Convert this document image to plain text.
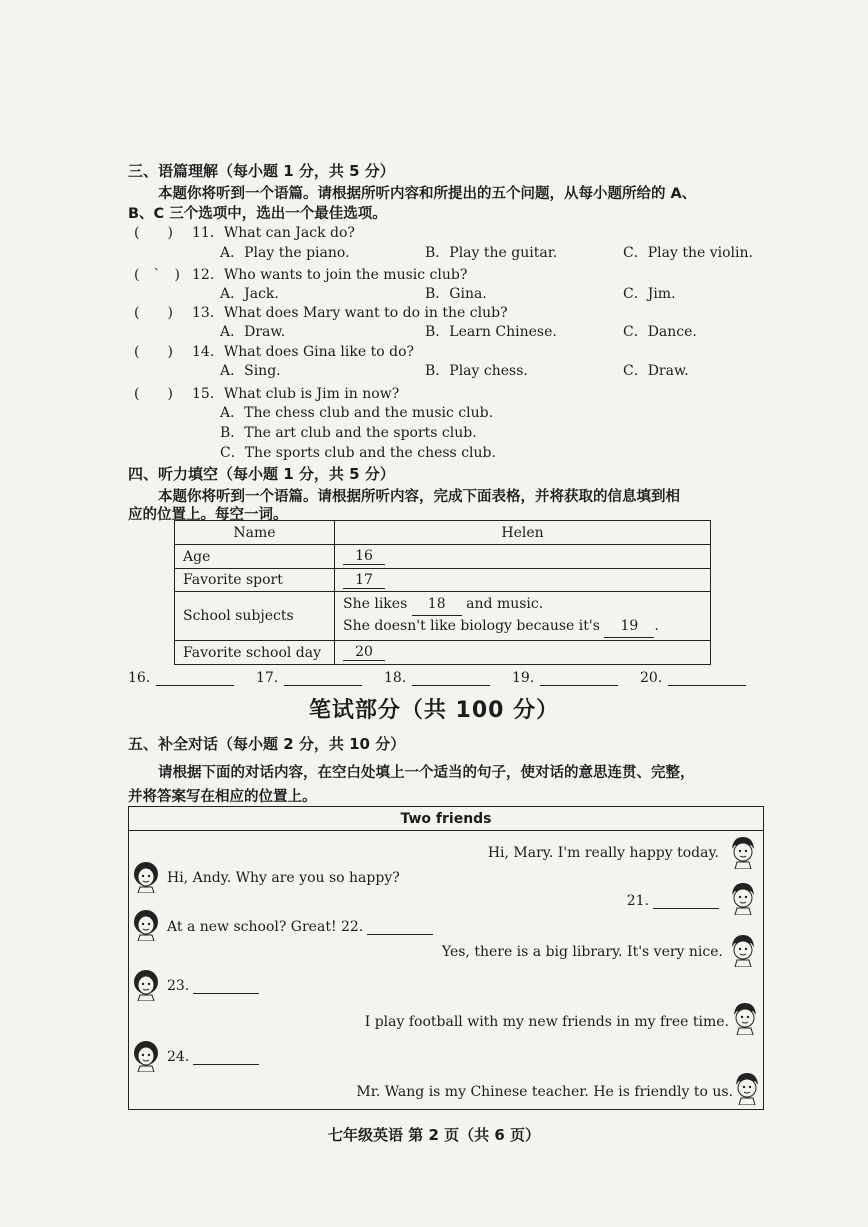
三、语篇理解（每小题 1 分，共 5 分）
本题你将听到一个语篇。请根据所听内容和所提出的五个问题，从每小题所给的 A、
B、C 三个选项中，选出一个最佳选项。
(　　) 11．What can Jack do?
A．Play the piano.	B．Play the guitar.	C．Play the violin.
(　`　) 12．Who wants to join the music club?
A．Jack.	B．Gina.	C．Jim.
(　　) 13．What does Mary want to do in the club?
A．Draw.	B．Learn Chinese.	C．Dance.
(　　) 14．What does Gina like to do?
A．Sing.	B．Play chess.	C．Draw.
(　　) 15．What club is Jim in now?
A．The chess club and the music club.
B．The art club and the sports club.
C．The sports club and the chess club.
四、听力填空（每小题 1 分，共 5 分）
本题你将听到一个语篇。请根据所听内容，完成下面表格，并将获取的信息填到相
应的位置上。每空一词。
Name	Helen
Age	16
Favorite sport	17
School subjects	She likes 18 and music.
She doesn't like biology because it's 19 .
Favorite school day	20
16.	17.	18.	19.	20.
笔试部分（共 100 分）
五、补全对话（每小题 2 分，共 10 分）
请根据下面的对话内容，在空白处填上一个适当的句子，使对话的意思连贯、完整，
并将答案写在相应的位置上。
Two friends
Hi, Mary. I'm really happy today.
Hi, Andy. Why are you so happy?
21.
At a new school? Great! 22.
Yes, there is a big library. It's very nice.
23.
I play football with my new friends in my free time.
24.
Mr. Wang is my Chinese teacher. He is friendly to us.
七年级英语 第 2 页（共 6 页）
